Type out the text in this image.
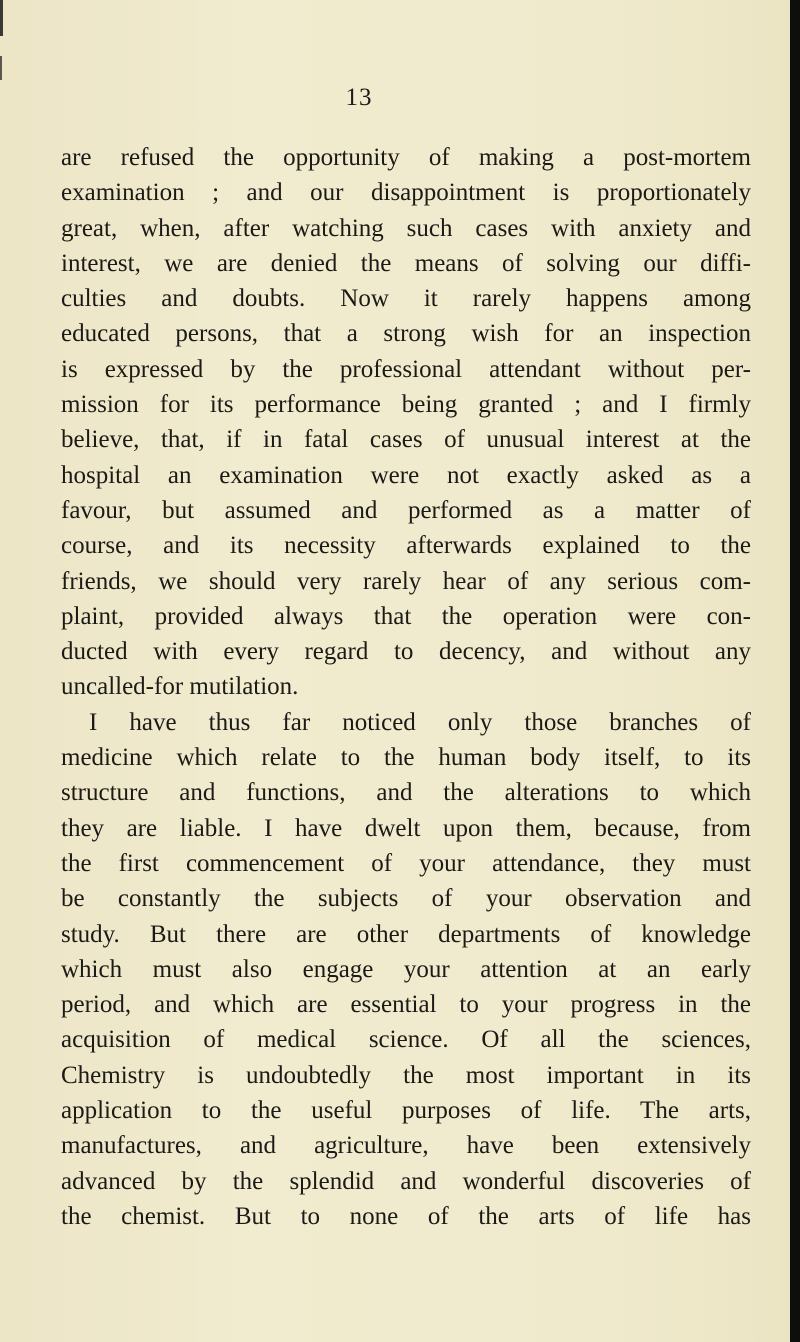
13
are refused the opportunity of making a post-mortem
examination ; and our disappointment is proportionately
great, when, after watching such cases with anxiety and
interest, we are denied the means of solving our diffi-
culties and doubts. Now it rarely happens among
educated persons, that a strong wish for an inspection
is expressed by the professional attendant without per-
mission for its performance being granted ; and I firmly
believe, that, if in fatal cases of unusual interest at the
hospital an examination were not exactly asked as a
favour, but assumed and performed as a matter of
course, and its necessity afterwards explained to the
friends, we should very rarely hear of any serious com-
plaint, provided always that the operation were con-
ducted with every regard to decency, and without any
uncalled-for mutilation.
I have thus far noticed only those branches of
medicine which relate to the human body itself, to its
structure and functions, and the alterations to which
they are liable. I have dwelt upon them, because, from
the first commencement of your attendance, they must
be constantly the subjects of your observation and
study. But there are other departments of knowledge
which must also engage your attention at an early
period, and which are essential to your progress in the
acquisition of medical science. Of all the sciences,
Chemistry is undoubtedly the most important in its
application to the useful purposes of life. The arts,
manufactures, and agriculture, have been extensively
advanced by the splendid and wonderful discoveries of
the chemist. But to none of the arts of life has
